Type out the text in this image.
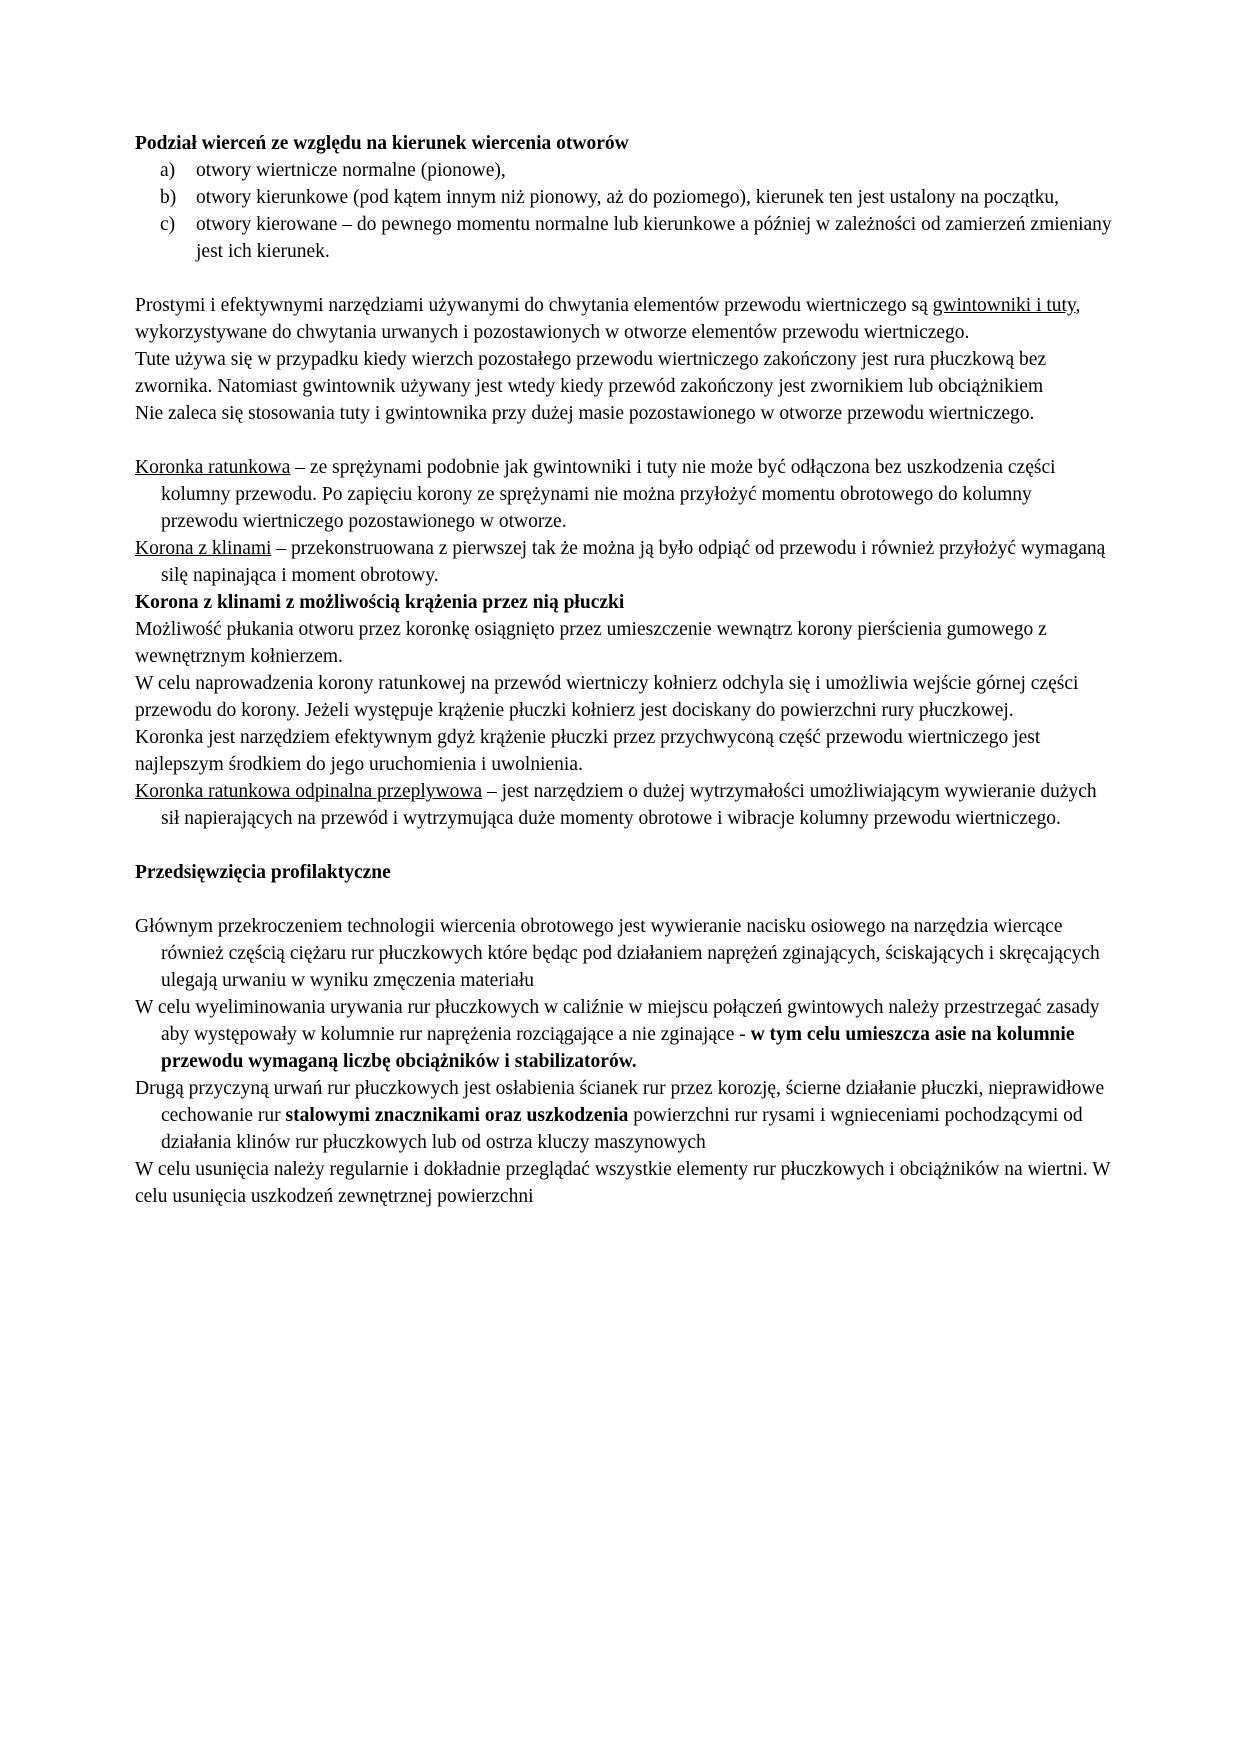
Podział wierceń ze względu na kierunek wiercenia otworów
a)	otwory wiertnicze normalne (pionowe),
b)	otwory kierunkowe (pod kątem innym niż pionowy, aż do poziomego), kierunek ten jest ustalony na początku,
c)	otwory kierowane – do pewnego momentu normalne lub kierunkowe a później w zależności od zamierzeń zmieniany jest ich kierunek.
Prostymi i efektywnymi narzędziami używanymi do chwytania elementów przewodu wiertniczego są gwintowniki i tuty, wykorzystywane do chwytania urwanych i pozostawionych w otworze elementów przewodu wiertniczego.
Tute używa się w przypadku kiedy wierzch pozostałego przewodu wiertniczego zakończony jest rura płuczkową bez zwornika. Natomiast gwintownik używany jest wtedy kiedy przewód zakończony jest zwornikiem lub obciążnikiem
Nie zaleca się stosowania tuty i gwintownika przy dużej masie pozostawionego w otworze przewodu wiertniczego.
Koronka ratunkowa – ze sprężynami podobnie jak gwintowniki i tuty nie może być odłączona bez uszkodzenia części kolumny przewodu. Po zapięciu korony ze sprężynami nie można przyłożyć momentu obrotowego do kolumny przewodu wiertniczego pozostawionego w otworze.
Korona z klinami – przekonstruowana z pierwszej tak że można ją było odpiąć od przewodu i również przyłożyć wymaganą silę napinająca i moment obrotowy.
Korona z klinami z możliwością krążenia przez nią płuczki
Możliwość płukania otworu przez koronkę osiągnięto przez umieszczenie wewnątrz korony pierścienia gumowego z wewnętrznym kołnierzem.
W celu naprowadzenia korony ratunkowej na przewód wiertniczy kołnierz odchyla się i umożliwia wejście górnej części przewodu do korony. Jeżeli występuje krążenie płuczki kołnierz jest dociskany do powierzchni rury płuczkowej.
Koronka jest narzędziem efektywnym gdyż krążenie płuczki przez przychwyconą część przewodu wiertniczego jest najlepszym środkiem do jego uruchomienia i uwolnienia.
Koronka ratunkowa odpinalna przeplywowa – jest narzędziem o dużej wytrzymałości umożliwiającym wywieranie dużych sił napierających na przewód i wytrzymująca duże momenty obrotowe i wibracje kolumny przewodu wiertniczego.
Przedsięwzięcia profilaktyczne
Głównym przekroczeniem technologii wiercenia obrotowego jest wywieranie nacisku osiowego na narzędzia wiercące również częścią ciężaru rur płuczkowych które będąc pod działaniem naprężeń zginających, ściskających i skręcających ulegają urwaniu w wyniku zmęczenia materiału
W celu wyeliminowania urywania rur płuczkowych w caliźnie w miejscu połączeń gwintowych należy przestrzegać zasady aby występowały w kolumnie rur naprężenia rozciągające a nie zginające - w tym celu umieszcza asie na kolumnie przewodu wymaganą liczbę obciążników i stabilizatorów.
Drugą przyczyną urwań rur płuczkowych jest osłabienia ścianek rur przez korozję, ścierne działanie płuczki, nieprawidłowe cechowanie rur stalowymi znacznikami oraz uszkodzenia powierzchni rur rysami i wgnieceniami pochodzącymi od działania klinów rur płuczkowych lub od ostrza kluczy maszynowych
W celu usunięcia należy regularnie i dokładnie przeglądać wszystkie elementy rur płuczkowych i obciążników na wiertni. W celu usunięcia uszkodzeń zewnętrznej powierzchni
